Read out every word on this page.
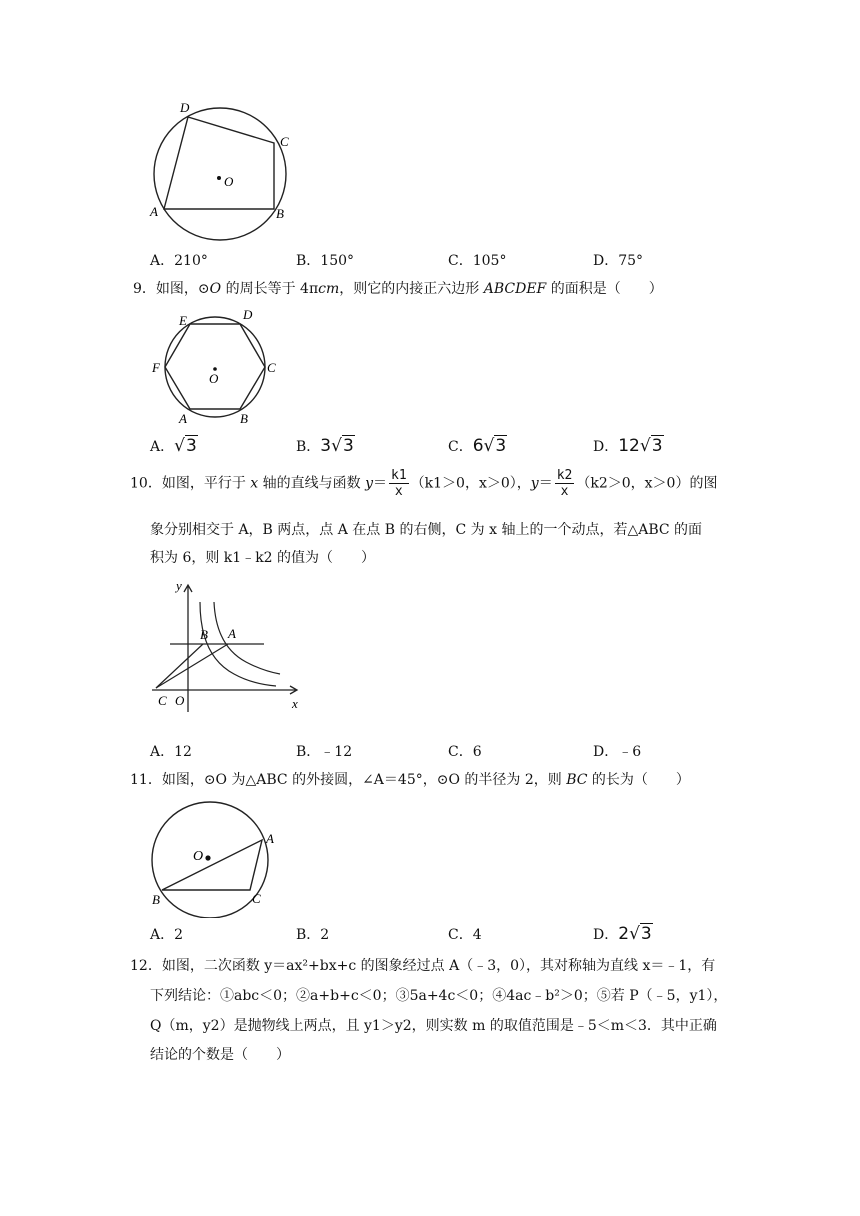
D
C
O
A	B
A．210°	B．150°	C．105°	D．75°
9．如图，⊙O 的周长等于 4πcm，则它的内接正六边形 ABCDEF 的面积是（　　）
E	D
F	C
O
A	B
A．√3	B．3√3	C．6√3	D．12√3
10．如图，平行于 x 轴的直线与函数 $y= \frac{k1}{x} (k1>0$，x＞0），$y= \frac{k2}{x} (k2>0$，x＞0）的图
象分别相交于 A，B 两点，点 A 在点 B 的右侧，C 为 x 轴上的一个动点，若△ABC 的面
积为 6，则 k1﹣k2 的值为（　　）
y
B A
C O	x
A．12	B．﹣12	C．6	D．﹣6
11．如图，⊙O 为△ABC 的外接圆，∠A＝45°，⊙O 的半径为 2，则 BC 的长为（　　）
O
A
B	C
A．2	B．2	C．4	D．2√3
12．如图，二次函数 y＝ax²+bx+c 的图象经过点 A（﹣3，0），其对称轴为直线 x＝﹣1，有
下列结论：①abc＜0；②a+b+c＜0；③5a+4c＜0；④4ac﹣b²＞0；⑤若 P（﹣5，y1），
Q（m，y2）是抛物线上两点，且 y1＞y2，则实数 m 的取值范围是﹣5＜m＜3．其中正确
结论的个数是（　　）
